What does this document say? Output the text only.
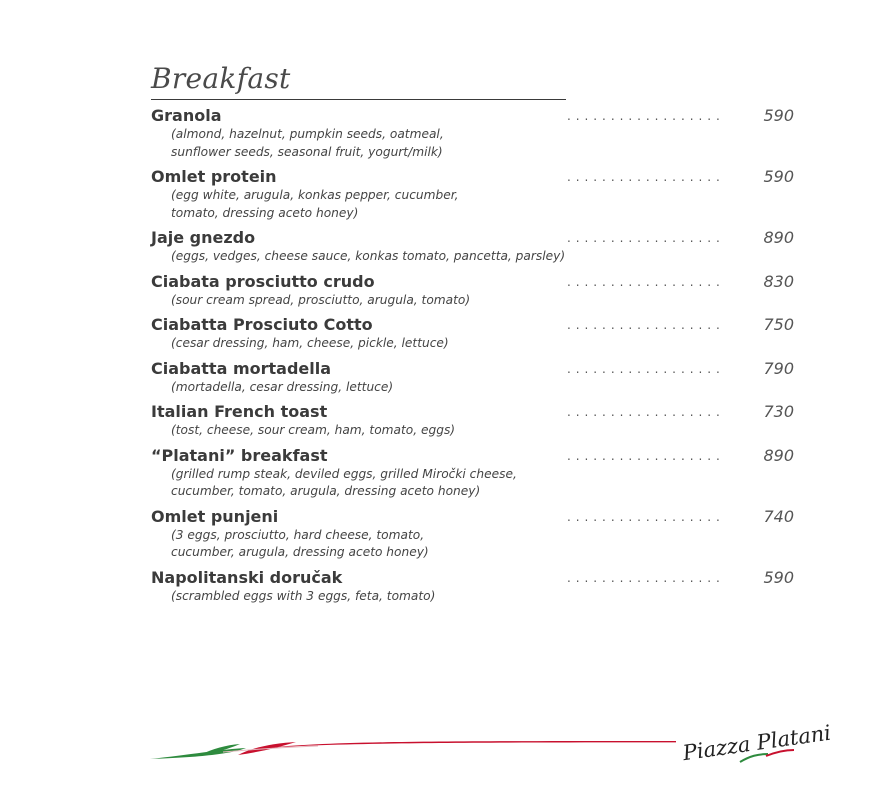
Breakfast
Granola	..................	590
(almond, hazelnut, pumpkin seeds, oatmeal,
sunflower seeds, seasonal fruit, yogurt/milk)
Omlet protein	..................	590
(egg white, arugula, konkas pepper, cucumber,
tomato, dressing aceto honey)
Jaje gnezdo	..................	890
(eggs, vedges, cheese sauce, konkas tomato, pancetta, parsley)
Ciabata prosciutto crudo	..................	830
(sour cream spread, prosciutto, arugula, tomato)
Ciabatta Prosciuto Cotto	..................	750
(cesar dressing, ham, cheese, pickle, lettuce)
Ciabatta mortadella	..................	790
(mortadella, cesar dressing, lettuce)
Italian French toast	..................	730
(tost, cheese, sour cream, ham, tomato, eggs)
“Platani” breakfast	..................	890
(grilled rump steak, deviled eggs, grilled Miročki cheese,
cucumber, tomato, arugula, dressing aceto honey)
Omlet punjeni	..................	740
(3 eggs, prosciutto, hard cheese, tomato,
cucumber, arugula, dressing aceto honey)
Napolitanski doručak	..................	590
(scrambled eggs with 3 eggs, feta, tomato)
Piazza Platani
